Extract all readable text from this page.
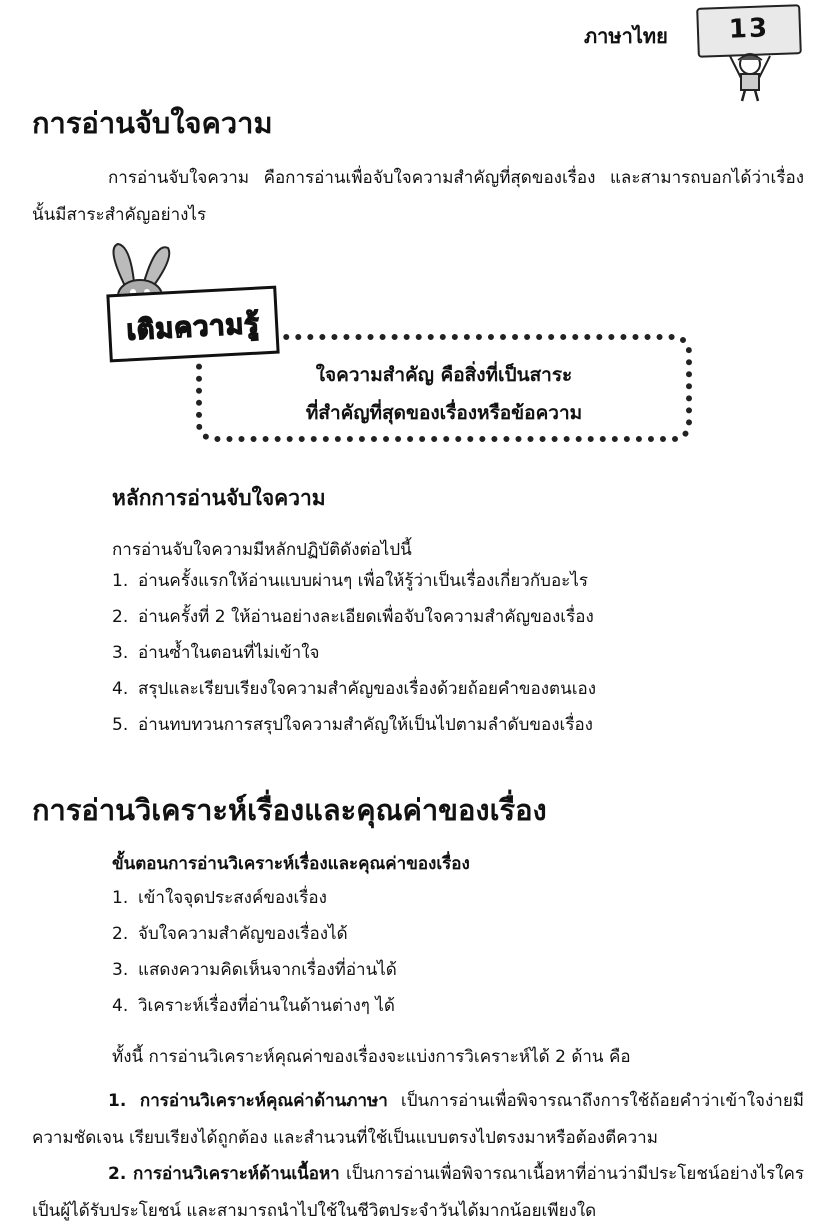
ภาษาไทย	13
การอ่านจับใจความ
การอ่านจับใจความ คือการอ่านเพื่อจับใจความสำคัญที่สุดของเรื่อง และสามารถบอกได้ว่าเรื่องนั้นมีสาระสำคัญอย่างไร
ใจความสำคัญ คือสิ่งที่เป็นสาระ
ที่สำคัญที่สุดของเรื่องหรือข้อความ
เติมความรู้
หลักการอ่านจับใจความ
การอ่านจับใจความมีหลักปฏิบัติดังต่อไปนี้
1. อ่านครั้งแรกให้อ่านแบบผ่านๆ เพื่อให้รู้ว่าเป็นเรื่องเกี่ยวกับอะไร
2. อ่านครั้งที่ 2 ให้อ่านอย่างละเอียดเพื่อจับใจความสำคัญของเรื่อง
3. อ่านซ้ำในตอนที่ไม่เข้าใจ
4. สรุปและเรียบเรียงใจความสำคัญของเรื่องด้วยถ้อยคำของตนเอง
5. อ่านทบทวนการสรุปใจความสำคัญให้เป็นไปตามลำดับของเรื่อง
การอ่านวิเคราะห์เรื่องและคุณค่าของเรื่อง
ขั้นตอนการอ่านวิเคราะห์เรื่องและคุณค่าของเรื่อง
1. เข้าใจจุดประสงค์ของเรื่อง
2. จับใจความสำคัญของเรื่องได้
3. แสดงความคิดเห็นจากเรื่องที่อ่านได้
4. วิเคราะห์เรื่องที่อ่านในด้านต่างๆ ได้
ทั้งนี้ การอ่านวิเคราะห์คุณค่าของเรื่องจะแบ่งการวิเคราะห์ได้ 2 ด้าน คือ
1. การอ่านวิเคราะห์คุณค่าด้านภาษา เป็นการอ่านเพื่อพิจารณาถึงการใช้ถ้อยคำว่าเข้าใจง่ายมีความชัดเจน เรียบเรียงได้ถูกต้อง และสำนวนที่ใช้เป็นแบบตรงไปตรงมาหรือต้องตีความ
2. การอ่านวิเคราะห์ด้านเนื้อหา เป็นการอ่านเพื่อพิจารณาเนื้อหาที่อ่านว่ามีประโยชน์อย่างไรใครเป็นผู้ได้รับประโยชน์ และสามารถนำไปใช้ในชีวิตประจำวันได้มากน้อยเพียงใด
